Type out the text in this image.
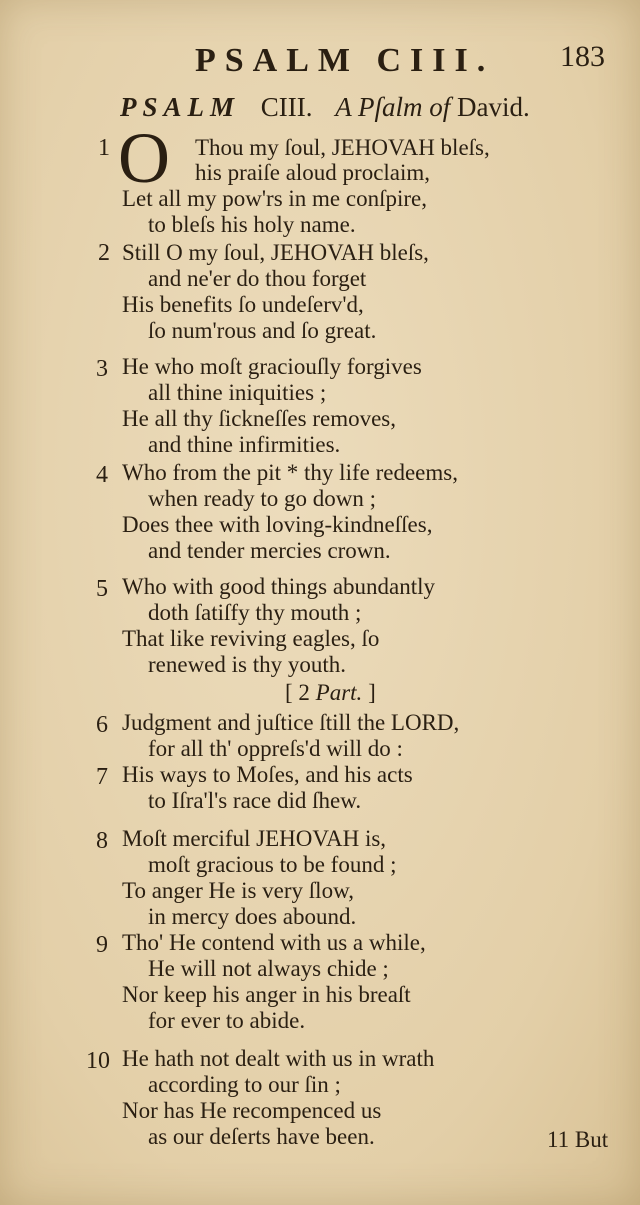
PSALM CIII. 183
PSALM CIII. A Pſalm of David.
O
1	Thou my ſoul, JEHOVAH bleſs,
his praiſe aloud proclaim,
Let all my pow'rs in me conſpire,
to bleſs his holy name.
2 Still O my ſoul, JEHOVAH bleſs,
and ne'er do thou forget
His benefits ſo undeſerv'd,
ſo num'rous and ſo great.
3 He who moſt graciouſly forgives
all thine iniquities ;
He all thy ſickneſſes removes,
and thine infirmities.
4 Who from the pit * thy life redeems,
when ready to go down ;
Does thee with loving-kindneſſes,
and tender mercies crown.
5 Who with good things abundantly
doth ſatiſfy thy mouth ;
That like reviving eagles, ſo
renewed is thy youth.
[ 2 Part. ]
6 Judgment and juſtice ſtill the LORD,
for all th' oppreſs'd will do :
7 His ways to Moſes, and his acts
to Iſra'l's race did ſhew.
8 Moſt merciful JEHOVAH is,
moſt gracious to be found ;
To anger He is very ſlow,
in mercy does abound.
9 Tho' He contend with us a while,
He will not always chide ;
Nor keep his anger in his breaſt
for ever to abide.
10 He hath not dealt with us in wrath
according to our ſin ;
Nor has He recompenced us
as our deſerts have been.	11 But
